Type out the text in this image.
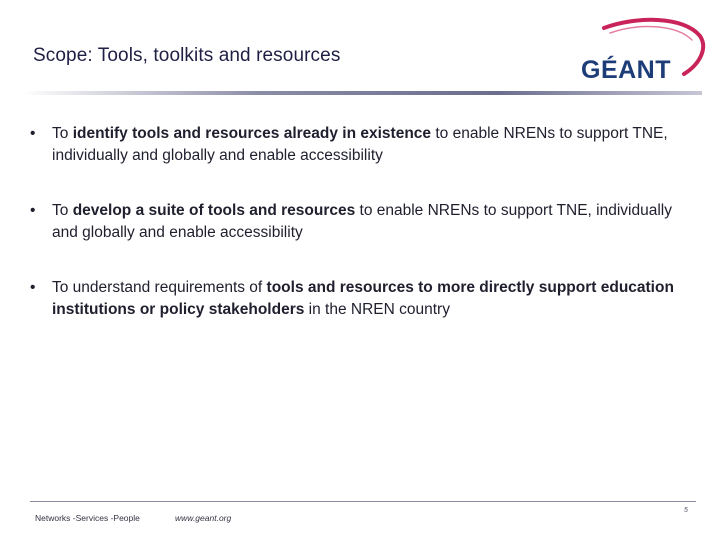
Scope: Tools, toolkits and resources
GÉANT
• To identify tools and resources already in existence to enable NRENs to support TNE, individually and globally and enable accessibility
• To develop a suite of tools and resources to enable NRENs to support TNE, individually and globally and enable accessibility
• To understand requirements of tools and resources to more directly support education institutions or policy stakeholders in the NREN country
Networks -Services -People	www.geant.org
5
